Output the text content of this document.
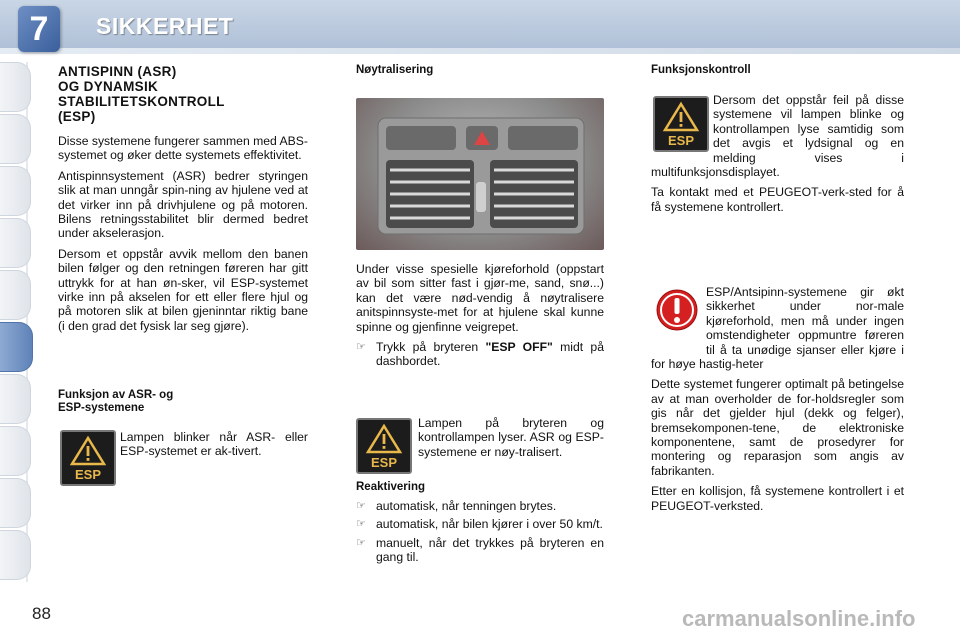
7	SIKKERHET
ANTISPINN (ASR)
OG DYNAMSIK
STABILITETSKONTROLL
(ESP)

Disse systemene fungerer sammen med ABS-systemet og øker dette systemets effektivitet.

Antispinnsystement (ASR) bedrer styringen slik at man unngår spin-ning av hjulene ved at det virker inn på drivhjulene og på motoren. Bilens retningsstabilitet blir dermed bedret under akselerasjon.

Dersom et oppstår avvik mellom den banen bilen følger og den retningen føreren har gitt uttrykk for at han øn-sker, vil ESP-systemet virke inn på akselen for ett eller flere hjul og på motoren slik at bilen gjeninntar riktig bane (i den grad det fysisk lar seg gjøre).

Funksjon av ASR- og
ESP-systemene
ESP

Lampen blinker når ASR- eller ESP-systemet er ak-tivert.

Nøytralisering

Under visse spesielle kjøreforhold (oppstart av bil som sitter fast i gjør-me, sand, snø...) kan det være nød-vendig å nøytralisere anitspinnsyste-met for at hjulene skal kunne spinne og gjenfinne veigrepet.

☞ Trykk på bryteren "ESP OFF" midt på dashbordet.
ESP

Lampen på bryteren og kontrollampen lyser. ASR og ESP-systemene er nøy-tralisert.

Reaktivering
☞ automatisk, når tenningen brytes.
☞ automatisk, når bilen kjører i over 50 km/t.
☞ manuelt, når det trykkes på bryteren en gang til.
Funksjonskontroll
ESP

Dersom det oppstår feil på disse systemene vil lampen blinke og kontrollampen lyse samtidig som det avgis et lydsignal og en melding vises i multifunksjonsdisplayet.

Ta kontakt med et PEUGEOT-verk-sted for å få systemene kontrollert.

ESP/Antsipinn-systemene gir økt sikkerhet under nor-male kjøreforhold, men må under ingen omstendigheter oppmuntre føreren til å ta unødige sjanser eller kjøre i for høye hastig-heter

Dette systemet fungerer optimalt på betingelse av at man overholder de for-holdsregler som gis når det gjelder hjul (dekk og felger), bremsekomponen-tene, de elektroniske komponentene, samt de prosedyrer for montering og reparasjon som angis av fabrikanten.

Etter en kollisjon, få systemene kontrollert i et PEUGEOT-verksted.

88	carmanualsonline.info
